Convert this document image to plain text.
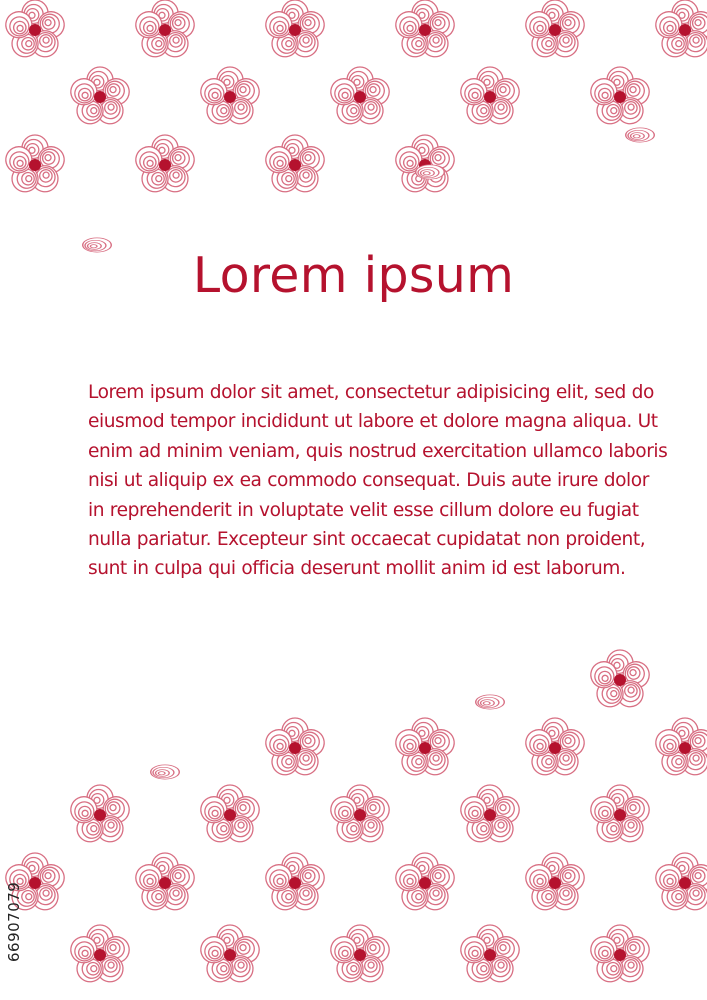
Lorem ipsum

Lorem ipsum dolor sit amet, consectetur adipisicing elit, sed do eiusmod tempor incididunt ut labore et dolore magna aliqua. Ut enim ad minim veniam, quis nostrud exercitation ullamco laboris nisi ut aliquip ex ea commodo consequat. Duis aute irure dolor in reprehenderit in voluptate velit esse cillum dolore eu fugiat nulla pariatur. Excepteur sint occaecat cupidatat non proident, sunt in culpa qui officia deserunt mollit anim id est laborum.

66907079
